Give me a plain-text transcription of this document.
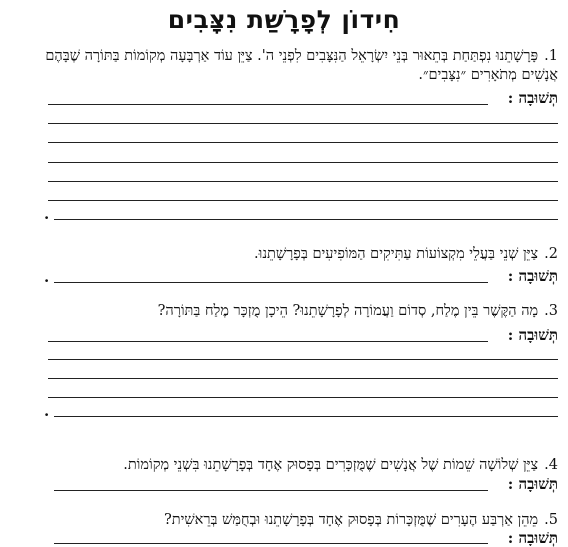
חִידוֹן לְפָרָשַׁת נִצָּבִים
1.פָּרָשָׁתֵנוּ נִפְתַּחַת בְּתֵאוּר בְּנֵי יִשְׂרָאֵל הַנִּצָּבִים לִפְנֵי ה'. צַיֵּן עוֹד אַרְבָּעָה מְקוֹמוֹת בַּתּוֹרָה שֶׁבָּהֶם אֲנָשִׁים מְתֹאָרִים ״נִצָּבִים״.
תְּשׁוּבָה :
.
2.צַיֵּן שְׁנֵי בַּעֲלֵי מִקְצוֹעוֹת עַתִּיקִים הַמּוֹפִיעִים בְּפָרָשָׁתֵנוּ.
תְּשׁוּבָה :
.
3.מָה הַקֶּשֶׁר בֵּין מֶלַח, סְדוֹם וַעֲמוֹרָה לְפָרָשָׁתֵנוּ? הֵיכָן מֻזְכָּר מֶלַח בַּתּוֹרָה?
תְּשׁוּבָה :
.
4.צַיֵּן שְׁלוֹשָׁה שֵׁמוֹת שֶׁל אֲנָשִׁים שֶׁמֻּזְכָּרִים בְּפָסוּק אֶחָד בְּפָרָשָׁתֵנוּ בִּשְׁנֵי מְקוֹמוֹת.
תְּשׁוּבָה :
5.מֵהֵן אַרְבַּע הֶעָרִים שֶׁמֻּזְכָּרוֹת בְּפָסוּק אֶחָד בְּפָרָשָׁתֵנוּ וּבְחֻמַּשׁ בְּרֵאשִׁית?
תְּשׁוּבָה :
